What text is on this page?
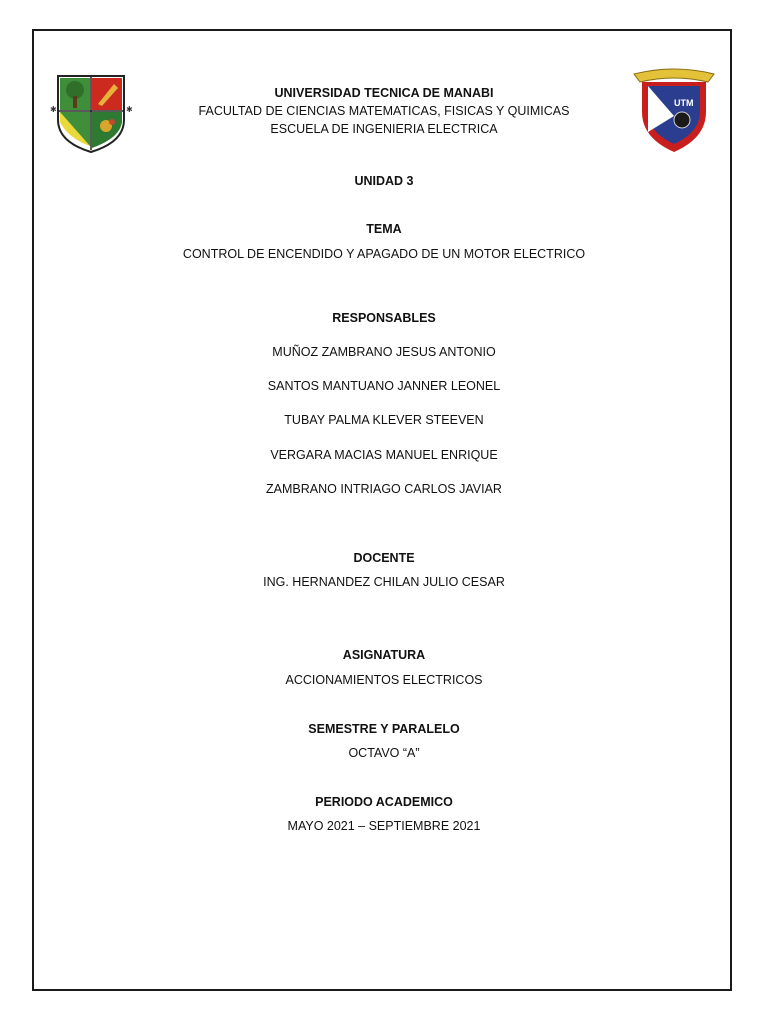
✱	✱
UTM
UNIVERSIDAD TECNICA DE MANABI
FACULTAD DE CIENCIAS MATEMATICAS, FISICAS Y QUIMICAS
ESCUELA DE INGENIERIA ELECTRICA
UNIDAD 3
TEMA
CONTROL DE ENCENDIDO Y APAGADO DE UN MOTOR ELECTRICO
RESPONSABLES
MUÑOZ ZAMBRANO JESUS ANTONIO
SANTOS MANTUANO JANNER LEONEL
TUBAY PALMA KLEVER STEEVEN
VERGARA MACIAS MANUEL ENRIQUE
ZAMBRANO INTRIAGO CARLOS JAVIAR
DOCENTE
ING. HERNANDEZ CHILAN JULIO CESAR
ASIGNATURA
ACCIONAMIENTOS ELECTRICOS
SEMESTRE Y PARALELO
OCTAVO “A”
PERIODO ACADEMICO
MAYO 2021 – SEPTIEMBRE 2021
